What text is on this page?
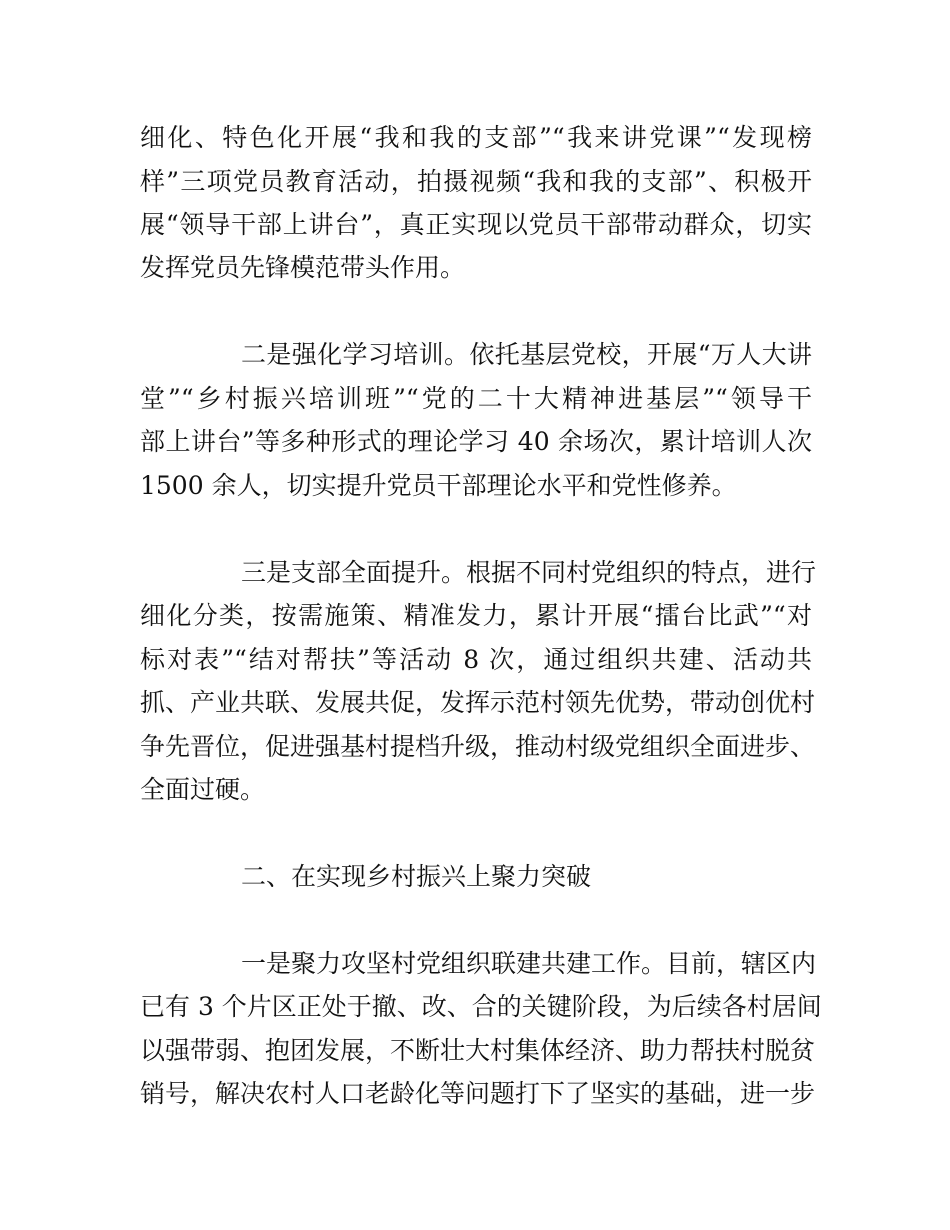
细化、特色化开展“我和我的支部”“我来讲党课”“发现榜
样”三项党员教育活动，拍摄视频“我和我的支部”、积极开
展“领导干部上讲台”，真正实现以党员干部带动群众，切实
发挥党员先锋模范带头作用。
二是强化学习培训。依托基层党校，开展“万人大讲
堂”“乡村振兴培训班”“党的二十大精神进基层”“领导干
部上讲台”等多种形式的理论学习 40 余场次，累计培训人次
1500 余人，切实提升党员干部理论水平和党性修养。
三是支部全面提升。根据不同村党组织的特点，进行
细化分类，按需施策、精准发力，累计开展“擂台比武”“对
标对表”“结对帮扶”等活动 8 次，通过组织共建、活动共
抓、产业共联、发展共促，发挥示范村领先优势，带动创优村
争先晋位，促进强基村提档升级，推动村级党组织全面进步、
全面过硬。
二、在实现乡村振兴上聚力突破
一是聚力攻坚村党组织联建共建工作。目前，辖区内
已有 3 个片区正处于撤、改、合的关键阶段，为后续各村居间
以强带弱、抱团发展，不断壮大村集体经济、助力帮扶村脱贫
销号，解决农村人口老龄化等问题打下了坚实的基础，进一步
